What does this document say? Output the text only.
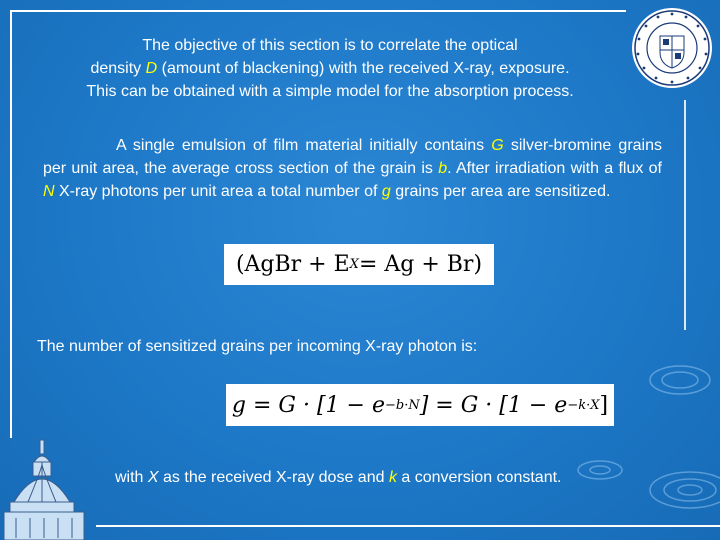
The objective of this section is to correlate the optical
density D (amount of blackening) with the received X-ray, exposure.
This can be obtained with a simple model for the absorption process.

A single emulsion of film material initially contains G silver-bromine grains per unit area, the average cross section of the grain is b. After irradiation with a flux of N X-ray photons per unit area a total number of g grains per area are sensitized.

(AgBr + E X = Ag + Br)

The number of sensitized grains per incoming X-ray photon is:

g = G · [1 − e −b·N ] = G · [1 − e −k·X ]

with X as the received X-ray dose and k a conversion constant.
